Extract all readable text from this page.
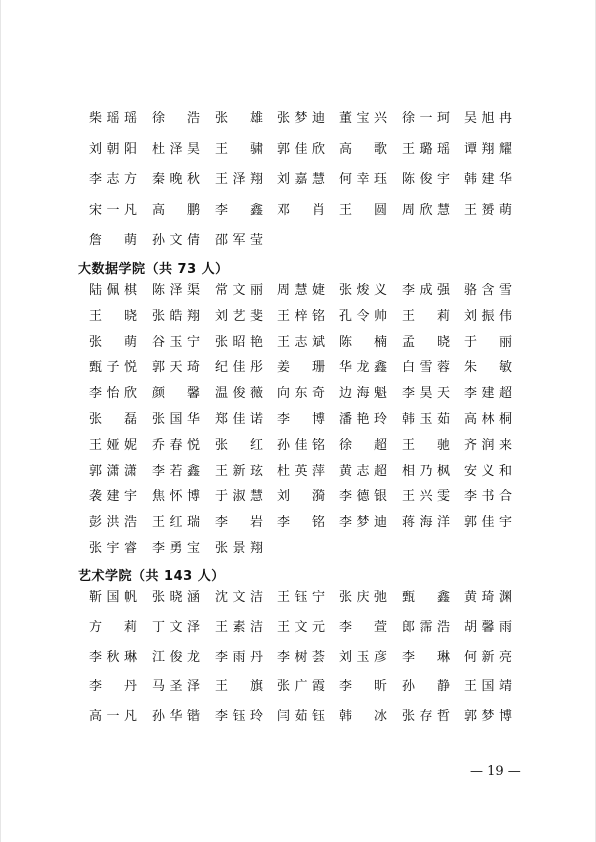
柴瑶瑶 徐　浩 张　雄 张梦迪 董宝兴 徐一珂 吴旭冉
刘朝阳 杜泽昊 王　骕 郭佳欣 高　歌 王璐瑶 谭翔耀
李志方 秦晚秋 王泽翔 刘嘉慧 何幸珏 陈俊宇 韩建华
宋一凡 高　鹏 李　鑫 邓　肖 王　圆 周欣慧 王赟萌
詹　萌 孙文倩 邵军莹
大数据学院（共 73 人）
陆佩棋 陈泽渠 常文丽 周慧婕 张焌义 李成强 骆含雪
王　晓 张皓翔 刘艺斐 王梓铭 孔令帅 王　莉 刘振伟
张　萌 谷玉宁 张昭艳 王志斌 陈　楠 孟　晓 于　丽
甄子悦 郭天琦 纪佳彤 姜　珊 华龙鑫 白雪蓉 朱　敏
李怡欣 颜　馨 温俊薇 向东奇 边海魁 李昊天 李建超
张　磊 张国华 郑佳诺 李　博 潘艳玲 韩玉茹 高林桐
王娅妮 乔春悦 张　红 孙佳铭 徐　超 王　驰 齐润来
郭潇潇 李若鑫 王新玹 杜英萍 黄志超 相乃枫 安义和
袭建宇 焦怀博 于淑慧 刘　漪 李德银 王兴雯 李书合
彭洪浩 王红瑞 李　岩 李　铭 李梦迪 蒋海洋 郭佳宇
张宇睿 李勇宝 张景翔
艺术学院（共 143 人）
靳国帆 张晓涵 沈文洁 王钰宁 张庆弛 甄　鑫 黄琦渊
方　莉 丁文泽 王素洁 王文元 李　萱 郎霈浩 胡馨雨
李秋琳 江俊龙 李雨丹 李树荟 刘玉彦 李　琳 何新亮
李　丹 马圣泽 王　旗 张广霞 李　昕 孙　静 王国靖
高一凡 孙华锴 李钰玲 闫茹钰 韩　冰 张存哲 郭梦博
— 19 —
